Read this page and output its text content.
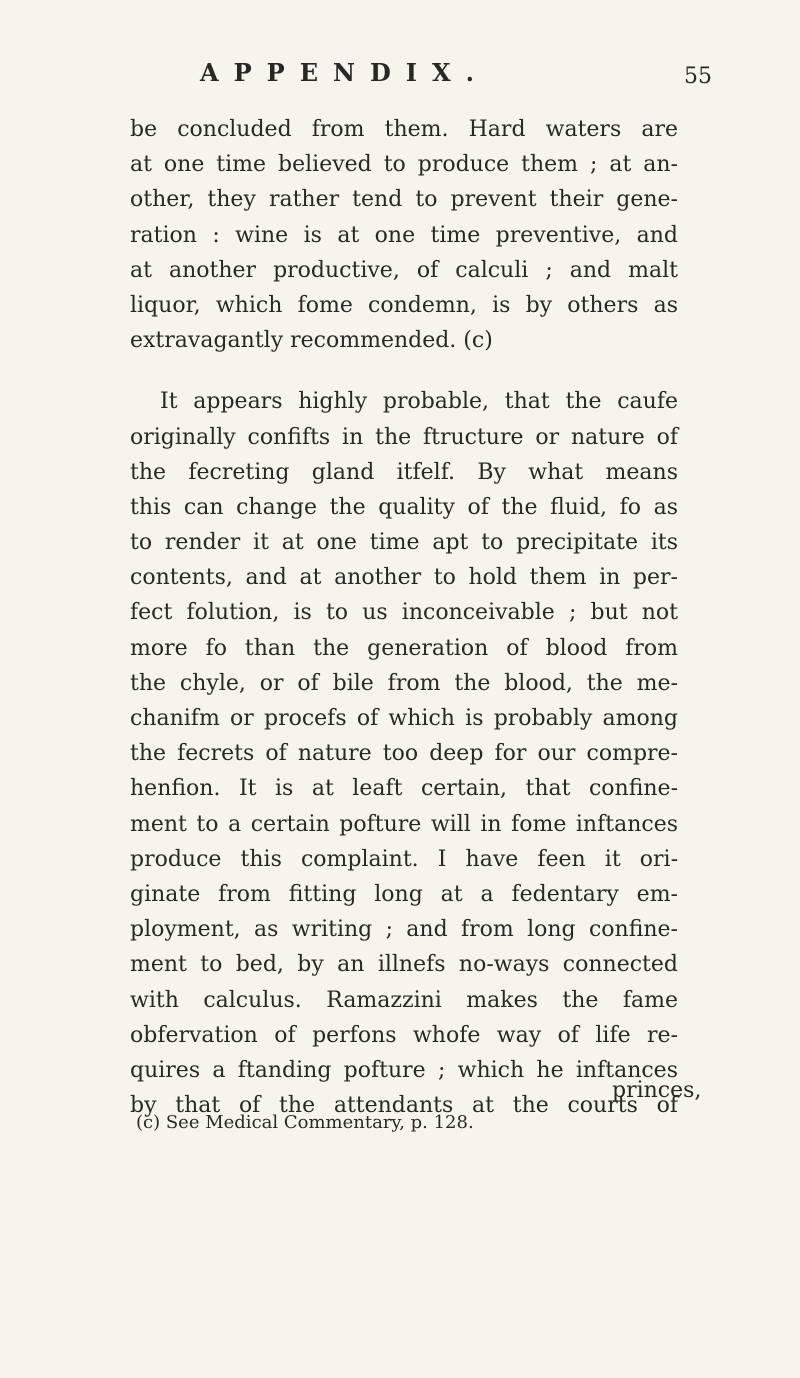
APPENDIX.	55
be concluded from them. Hard waters are
at one time believed to produce them ; at an-
other, they rather tend to prevent their gene-
ration : wine is at one time preventive, and
at another productive, of calculi ; and malt
liquor, which fome condemn, is by others as
extravagantly recommended. (c)
It appears highly probable, that the caufe
originally confifts in the ftructure or nature of
the fecreting gland itfelf. By what means
this can change the quality of the fluid, fo as
to render it at one time apt to precipitate its
contents, and at another to hold them in per-
fect folution, is to us inconceivable ; but not
more fo than the generation of blood from
the chyle, or of bile from the blood, the me-
chanifm or procefs of which is probably among
the fecrets of nature too deep for our compre-
henfion. It is at leaft certain, that confine-
ment to a certain pofture will in fome inftances
produce this complaint. I have feen it ori-
ginate from fitting long at a fedentary em-
ployment, as writing ; and from long confine-
ment to bed, by an illnefs no-ways connected
with calculus. Ramazzini makes the fame
obfervation of perfons whofe way of life re-
quires a ftanding pofture ; which he inftances
by that of the attendants at the courts of
princes,
(c) See Medical Commentary, p. 128.
